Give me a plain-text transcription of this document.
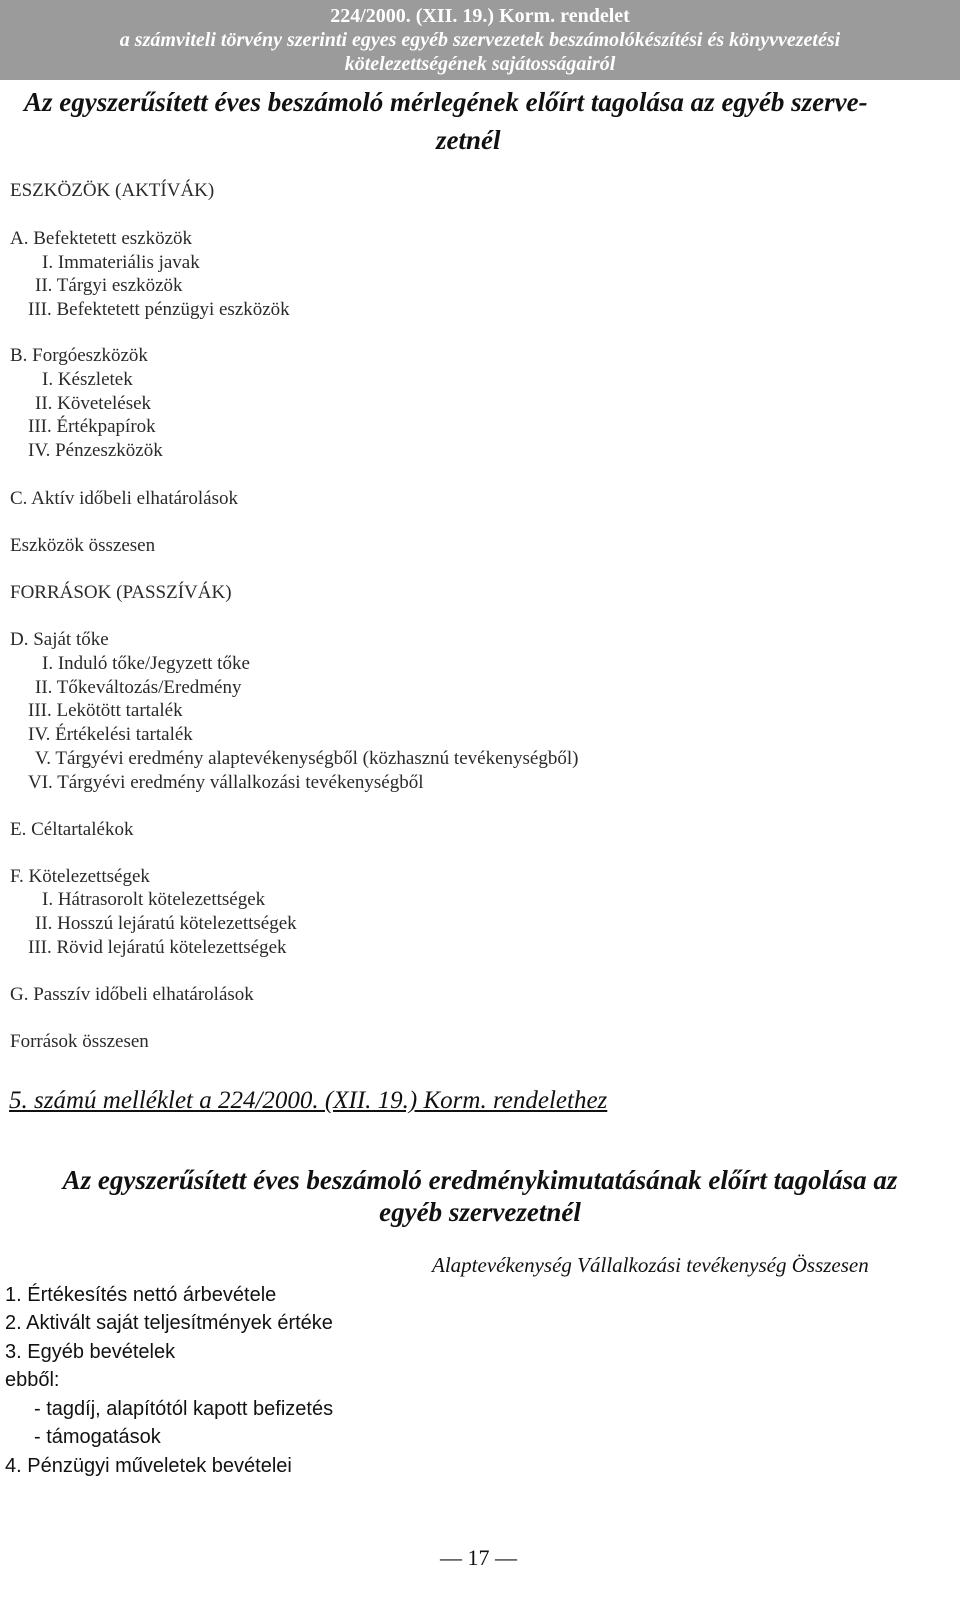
224/2000. (XII. 19.) Korm. rendelet
a számviteli törvény szerinti egyes egyéb szervezetek beszámolókészítési és könyvvezetési
kötelezettségének sajátosságairól
Az egyszerűsített éves beszámoló mérlegének előírt tagolása az egyéb szerve-
zetnél
ESZKÖZÖK (AKTÍVÁK)
A. Befektetett eszközök
I. Immateriális javak
II. Tárgyi eszközök
III. Befektetett pénzügyi eszközök
B. Forgóeszközök
I. Készletek
II. Követelések
III. Értékpapírok
IV. Pénzeszközök
C. Aktív időbeli elhatárolások
Eszközök összesen
FORRÁSOK (PASSZÍVÁK)
D. Saját tőke
I. Induló tőke/Jegyzett tőke
II. Tőkeváltozás/Eredmény
III. Lekötött tartalék
IV. Értékelési tartalék
V. Tárgyévi eredmény alaptevékenységből (közhasznú tevékenységből)
VI. Tárgyévi eredmény vállalkozási tevékenységből
E. Céltartalékok
F. Kötelezettségek
I. Hátrasorolt kötelezettségek
II. Hosszú lejáratú kötelezettségek
III. Rövid lejáratú kötelezettségek
G. Passzív időbeli elhatárolások
Források összesen
5. számú melléklet a 224/2000. (XII. 19.) Korm. rendelethez
Az egyszerűsített éves beszámoló eredménykimutatásának előírt tagolása az
egyéb szervezetnél
Alaptevékenység Vállalkozási tevékenység Összesen
1. Értékesítés nettó árbevétele
2. Aktivált saját teljesítmények értéke
3. Egyéb bevételek
ebből:
- tagdíj, alapítótól kapott befizetés
- támogatások
4. Pénzügyi műveletek bevételei
— 17 —
